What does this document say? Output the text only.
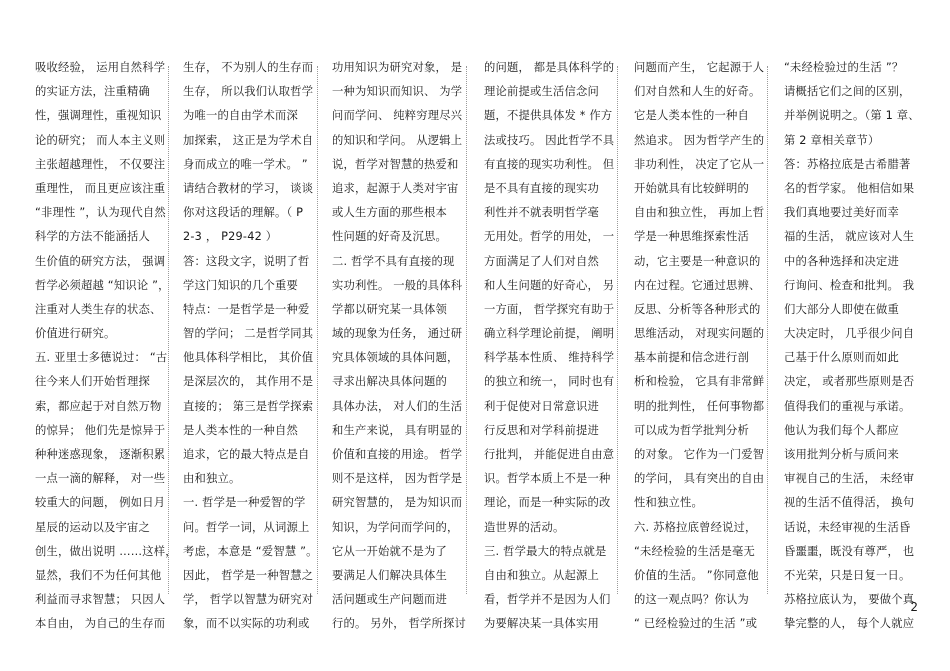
吸收经验， 运用自然科学
的实证方法，注重精确
性，强调理性，重视知识
论的研究； 而人本主义则
主张超越理性， 不仅要注
重理性， 而且更应该注重
“非理性 ”，认为现代自然
科学的方法不能涵括人
生价值的研究方法， 强调
哲学必须超越 “知识论 ”，
注重对人类生存的状态、
价值进行研究。
五. 亚里士多德说过： “古
往今来人们开始哲理探
索，都应起于对自然万物
的惊异； 他们先是惊异于
种种迷惑现象， 逐渐积累
一点一滴的解释， 对一些
较重大的问题， 例如日月
星辰的运动以及宇宙之
创生，做出说明 ……这样，
显然，我们不为任何其他
利益而寻求智慧； 只因人
本自由， 为自己的生存而
生存， 不为别人的生存而
生存， 所以我们认取哲学
为唯一的自由学术而深
加探索， 这正是为学术自
身而成立的唯一学术。 ”
请结合教材的学习， 谈谈
你对这段话的理解。（ P
2-3 ， P29-42 ）
答：这段文字，说明了哲
学这门知识的几个重要
特点：一是哲学是一种爱
智的学问； 二是哲学同其
他具体科学相比， 其价值
是深层次的， 其作用不是
直接的； 第三是哲学探索
是人类本性的一种自然
追求，它的最大特点是自
由和独立。
一. 哲学是一种爱智的学
问。哲学一词，从词源上
考虑，本意是 “爱智慧 ”。
因此， 哲学是一种智慧之
学， 哲学以智慧为研究对
象，而不以实际的功利或
功用知识为研究对象， 是
一种为知识而知识、 为学
问而学问、 纯粹穷理尽兴
的知识和学问。 从逻辑上
说，哲学对智慧的热爱和
追求，起源于人类对宇宙
或人生方面的那些根本
性问题的好奇及沉思。
二. 哲学不具有直接的现
实功利性。 一般的具体科
学都以研究某一具体领
域的现象为任务， 通过研
究具体领域的具体问题，
寻求出解决具体问题的
具体办法， 对人们的生活
和生产来说， 具有明显的
价值和直接的用途。 哲学
则不是这样， 因为哲学是
研究智慧的， 是为知识而
知识，为学问而学问的，
它从一开始就不是为了
要满足人们解决具体生
活问题或生产问题而进
行的。 另外， 哲学所探讨
的问题， 都是具体科学的
理论前提或生活信念问
题，不提供具体发 * 作方
法或技巧。 因此哲学不具
有直接的现实功利性。 但
是不具有直接的现实功
利性并不就表明哲学毫
无用处。哲学的用处， 一
方面满足了人们对自然
和人生问题的好奇心， 另
一方面， 哲学探究有助于
确立科学理论前提， 阐明
科学基本性质、 维持科学
的独立和统一， 同时也有
利于促使对日常意识进
行反思和对学科前提进
行批判， 并能促进自由意
识。哲学本质上不是一种
理论，而是一种实际的改
造世界的活动。
三. 哲学最大的特点就是
自由和独立。从起源上
看，哲学并不是因为人们
为要解决某一具体实用
问题而产生， 它起源于人
们对自然和人生的好奇。
它是人类本性的一种自
然追求。 因为哲学产生的
非功利性， 决定了它从一
开始就具有比较鲜明的
自由和独立性， 再加上哲
学是一种思维探索性活
动，它主要是一种意识的
内在过程。它通过思辨、
反思、分析等各种形式的
思维活动， 对现实问题的
基本前提和信念进行剖
析和检验， 它具有非常鲜
明的批判性， 任何事物都
可以成为哲学批判分析
的对象。 它作为一门爱智
的学问， 具有突出的自由
性和独立性。
六. 苏格拉底曾经说过，
“未经检验的生活是毫无
价值的生活。 ”你同意他
的这一观点吗？你认为
“ 已经检验过的生活 ”或
“未经检验过的生活 ”？
请概括它们之间的区别，
并举例说明之。（第 1 章、
第 2 章相关章节）
答：苏格拉底是古希腊著
名的哲学家。 他相信如果
我们真地要过美好而幸
福的生活， 就应该对人生
中的各种选择和决定进
行询问、检查和批判。 我
们大部分人即使在做重
大决定时， 几乎很少问自
己基于什么原则而如此
决定， 或者那些原则是否
值得我们的重视与承诺。
他认为我们每个人都应
该用批判分析与质问来
审视自己的生活， 未经审
视的生活不值得活， 换句
话说，未经审视的生活昏
昏噩噩，既没有尊严， 也
不光荣，只是日复一日。
苏格拉底认为， 要做个真
挚完整的人， 每个人就应
2
